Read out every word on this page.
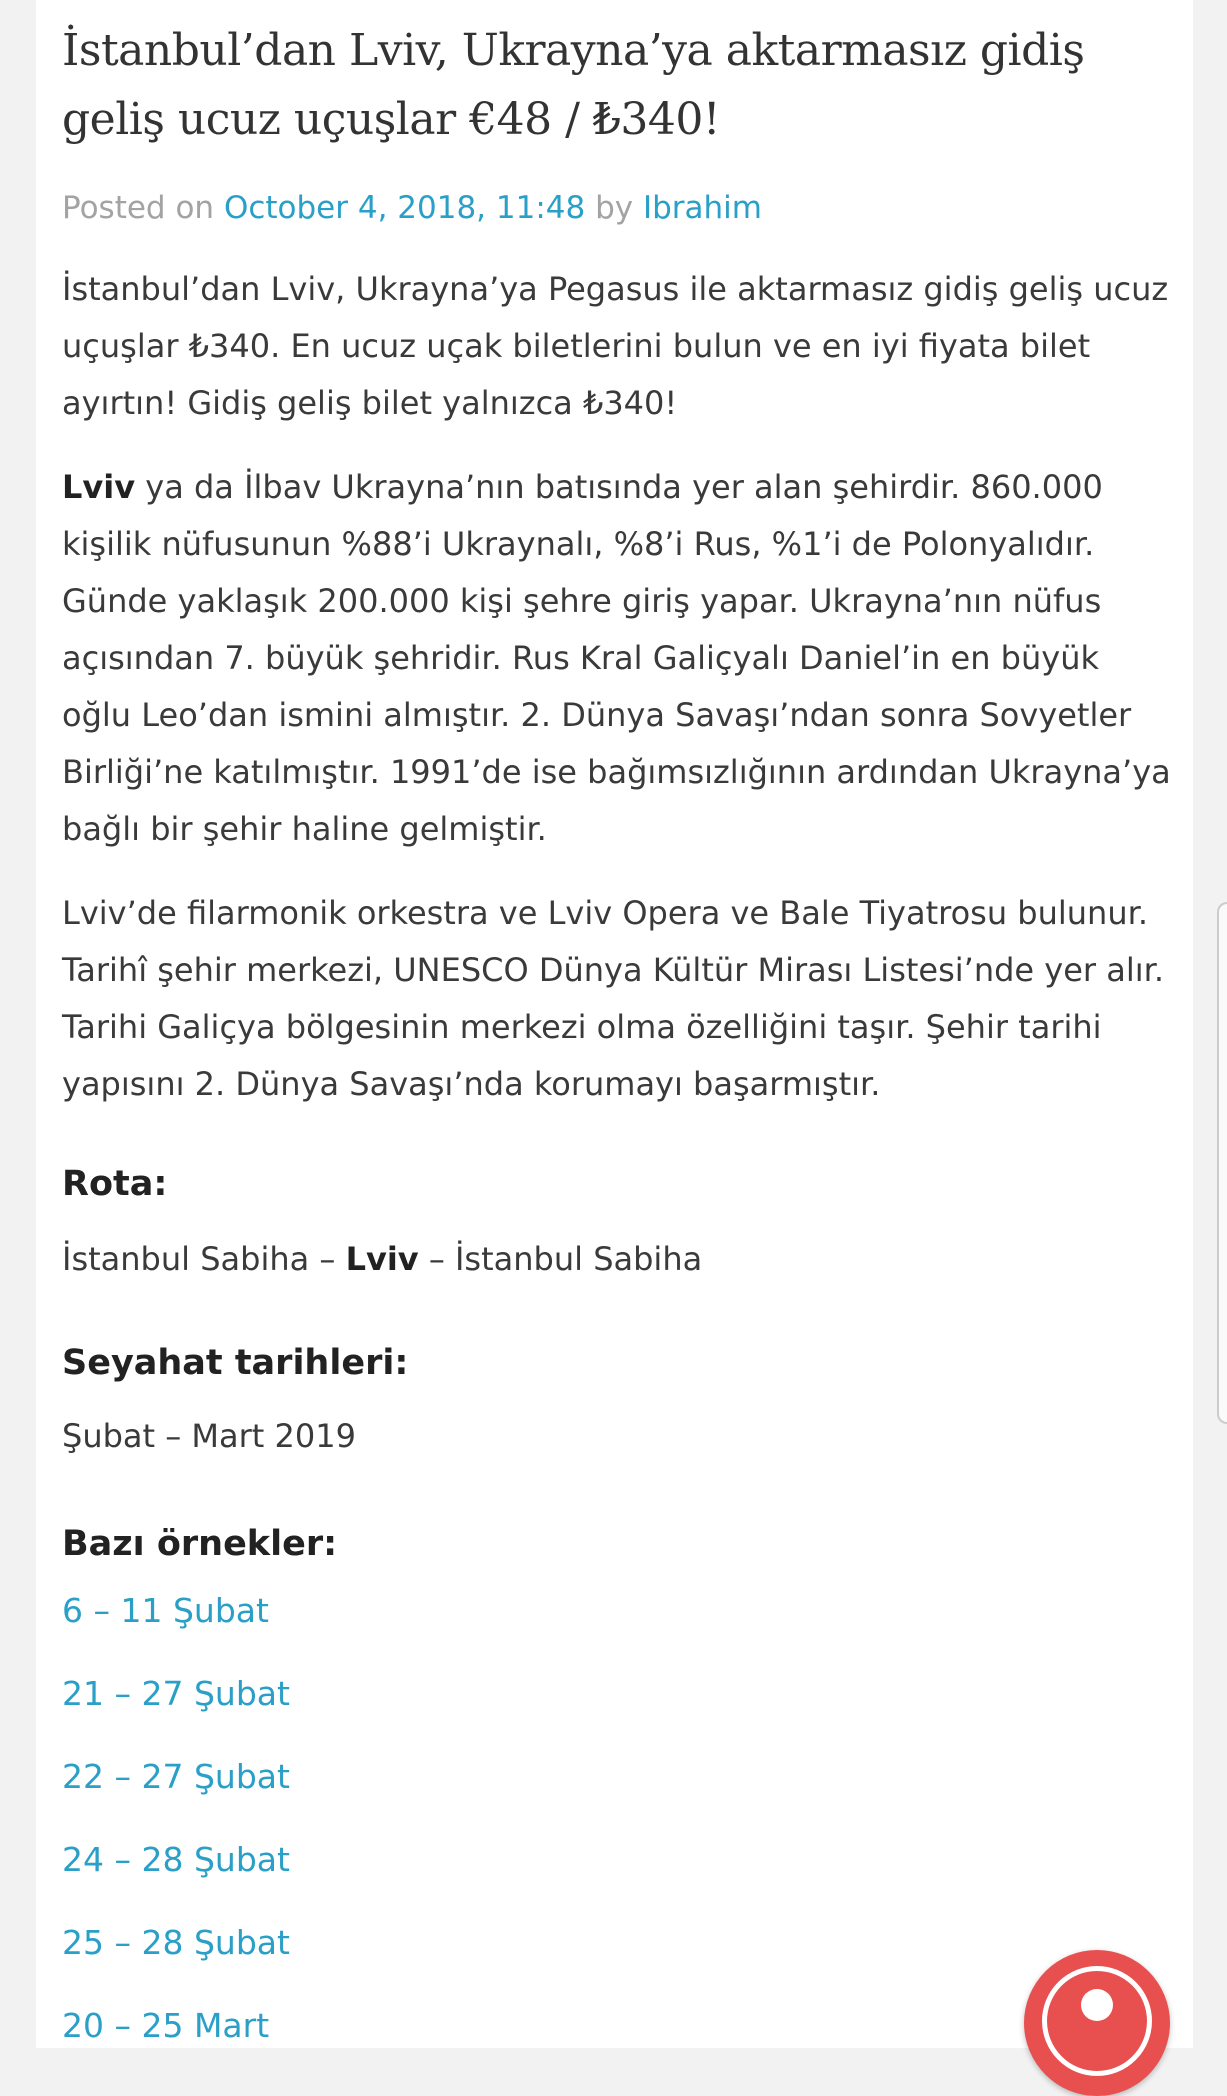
İstanbul’dan Lviv, Ukrayna’ya aktarmasız gidiş geliş ucuz uçuşlar €48 / ₺340!
Posted on October 4, 2018, 11:48 by Ibrahim

İstanbul’dan Lviv, Ukrayna’ya Pegasus ile aktarmasız gidiş geliş ucuz uçuşlar ₺340. En ucuz uçak biletlerini bulun ve en iyi fiyata bilet ayırtın! Gidiş geliş bilet yalnızca ₺340!

Lviv ya da İlbav Ukrayna’nın batısında yer alan şehirdir. 860.000 kişilik nüfusunun %88’i Ukraynalı, %8’i Rus, %1’i de Polonyalıdır. Günde yaklaşık 200.000 kişi şehre giriş yapar. Ukrayna’nın nüfus açısından 7. büyük şehridir. Rus Kral Galiçyalı Daniel’in en büyük oğlu Leo’dan ismini almıştır. 2. Dünya Savaşı’ndan sonra Sovyetler Birliği’ne katılmıştır. 1991’de ise bağımsızlığının ardından Ukrayna’ya bağlı bir şehir haline gelmiştir.

Lviv’de filarmonik orkestra ve Lviv Opera ve Bale Tiyatrosu bulunur. Tarihî şehir merkezi, UNESCO Dünya Kültür Mirası Listesi’nde yer alır. Tarihi Galiçya bölgesinin merkezi olma özelliğini taşır. Şehir tarihi yapısını 2. Dünya Savaşı’nda korumayı başarmıştır.

Rota:

İstanbul Sabiha – Lviv – İstanbul Sabiha

Seyahat tarihleri:

Şubat – Mart 2019

Bazı örnekler:
6 – 11 Şubat
21 – 27 Şubat
22 – 27 Şubat
24 – 28 Şubat
25 – 28 Şubat
20 – 25 Mart
